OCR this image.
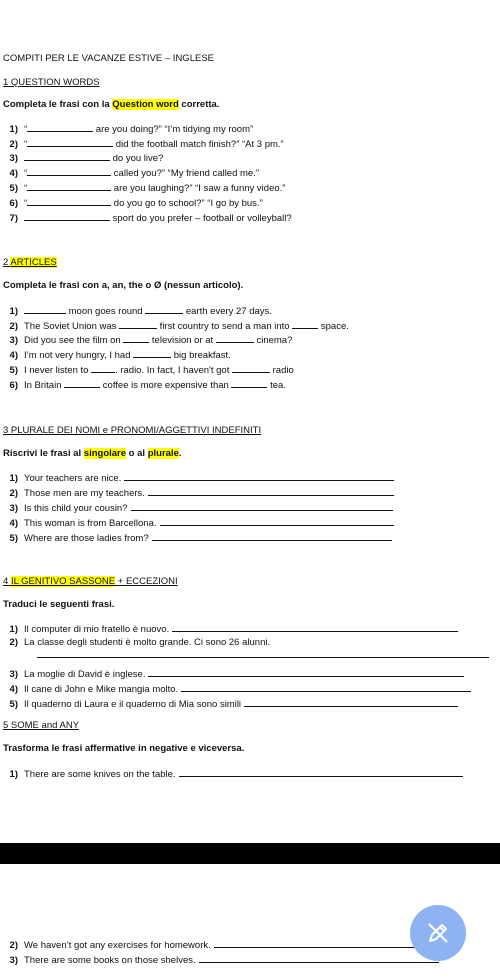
COMPITI PER LE VACANZE ESTIVE – INGLESE
1 QUESTION WORDS
Completa le frasi con la Question word corretta.
1) “	are you doing?” “I’m tidying my room”
2) “	did the football match finish?” “At 3 pm.”
3)	do you live?
4) “	called you?” “My friend called me.”
5) “	are you laughing?” “I saw a funny video.”
6) “	do you go to school?” “I go by bus.”
7)	sport do you prefer – football or volleyball?
2 ARTICLES
Completa le frasi con a, an, the o Ø (nessun articolo).
1)	moon goes round	earth every 27 days.
2) The Soviet Union was	first country to send a man into	space.
3) Did you see the film on	television or at	cinema?
4) I’m not very hungry, I had	big breakfast.
5) I never listen to	. radio. In fact, I haven't got	radio
6) In Britain	coffee is more expensive than	tea.
3 PLURALE DEI NOMI e PRONOMI/AGGETTIVI INDEFINITI
Riscrivi le frasi al singolare o al plurale.
1) Your teachers are nice.
2) Those men are my teachers.
3) Is this child your cousin?
4) This woman is from Barcellona.
5) Where are those ladies from?
4 IL GENITIVO SASSONE + ECCEZIONI
Traduci le seguenti frasi.
1) Il computer di mio fratello è nuovo.
2) La classe degli studenti è molto grande. Ci sono 26 alunni.
3) La moglie di David è inglese.
4) Il cane di John e Mike mangia molto.
5) Il quaderno di Laura e il quaderno di Mia sono simili
5 SOME and ANY
Trasforma le frasi affermative in negative e viceversa.
1) There are some knives on the table.
2) We haven’t got any exercises for homework.
3) There are some books on those shelves.
